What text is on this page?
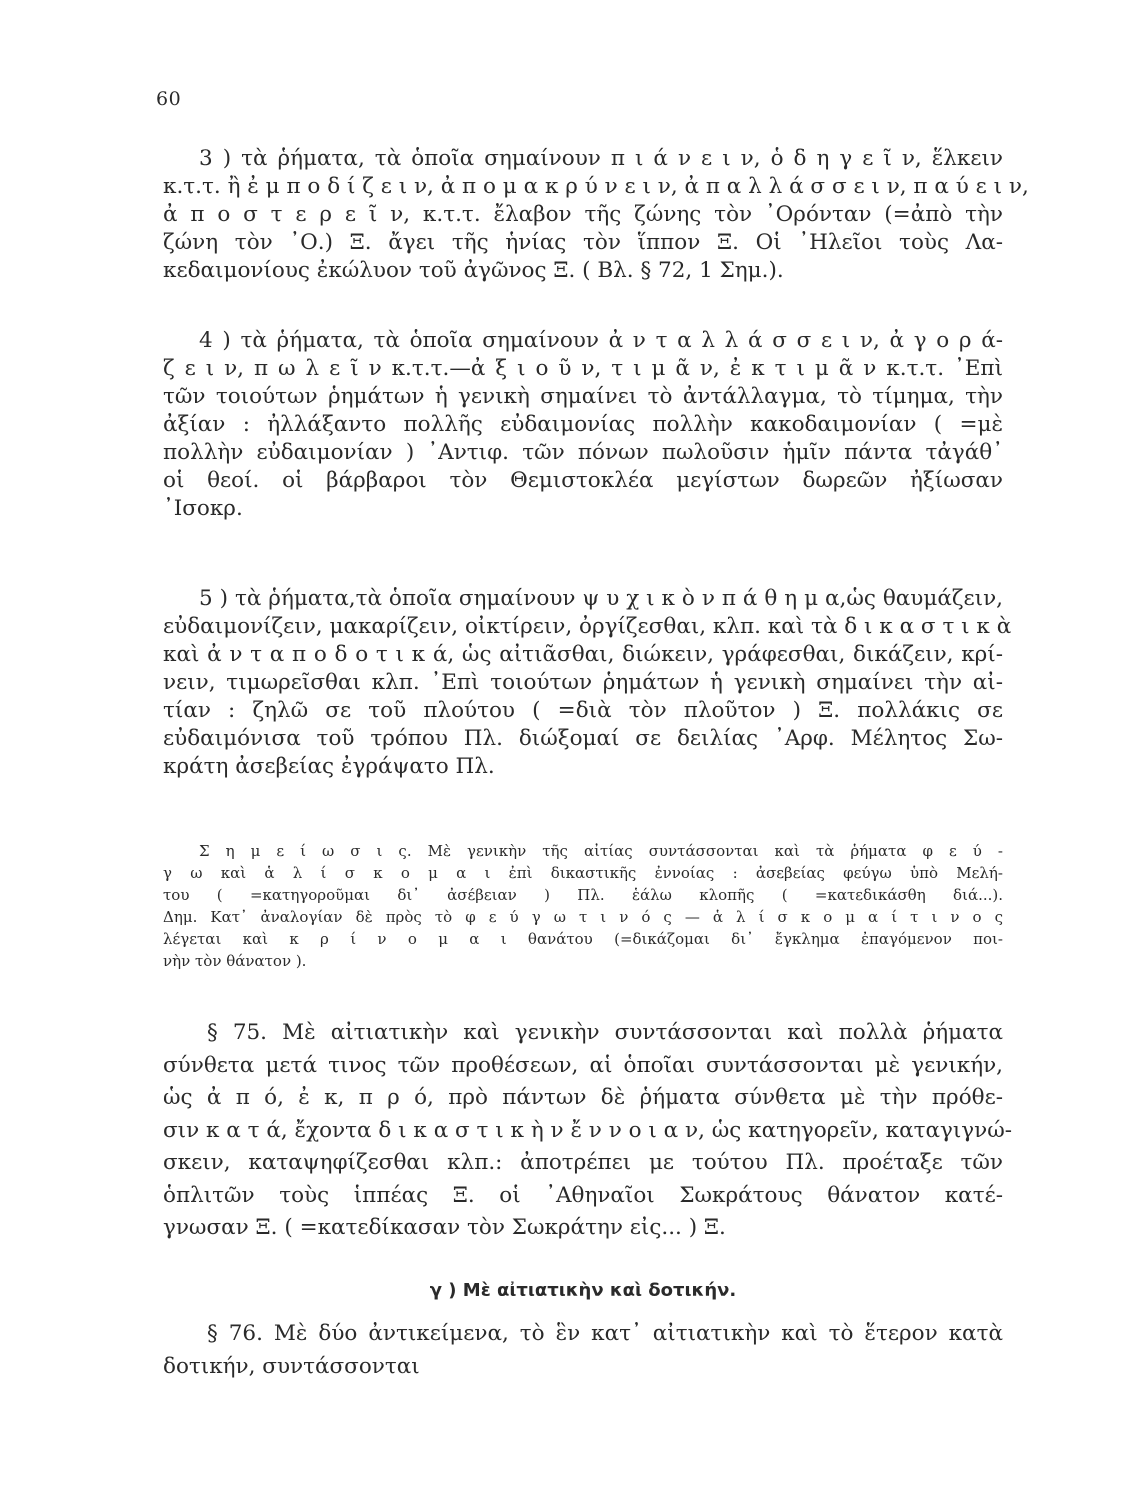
60
3 ) τὰ ῥήματα, τὰ ὁποῖα σημαίνουν π ι ά ν ε ι ν, ὁ δ η γ ε ῖ ν, ἕλκειν
κ.τ.τ. ἢ ἐ μ π ο δ ί ζ ε ι ν, ἀ π ο μ α κ ρ ύ ν ε ι ν, ἀ π α λ λ ά σ σ ε ι ν, π α ύ ε ι ν,
ἀ π ο σ τ ε ρ ε ῖ ν, κ.τ.τ. ἔλαβον τῆς ζώνης τὸν ᾿Ορόνταν (=ἀπὸ τὴν
ζώνη τὸν ᾿Ο.) Ξ. ἄγει τῆς ἡνίας τὸν ἵππον Ξ. Οἱ ᾿Ηλεῖοι τοὺς Λα-
κεδαιμονίους ἐκώλυον τοῦ ἀγῶνος Ξ. ( Βλ. § 72, 1 Σημ.).
4 ) τὰ ῥήματα, τὰ ὁποῖα σημαίνουν ἀ ν τ α λ λ ά σ σ ε ι ν, ἀ γ ο ρ ά-
ζ ε ι ν, π ω λ ε ῖ ν κ.τ.τ.—ἀ ξ ι ο ῦ ν, τ ι μ ᾶ ν, ἐ κ τ ι μ ᾶ ν κ.τ.τ. ᾿Επὶ
τῶν τοιούτων ῥημάτων ἡ γενικὴ σημαίνει τὸ ἀντάλλαγμα, τὸ τίμημα, τὴν
ἀξίαν : ἠλλάξαντο πολλῆς εὐδαιμονίας πολλὴν κακοδαιμονίαν ( =μὲ
πολλὴν εὐδαιμονίαν ) ᾿Αντιφ. τῶν πόνων πωλοῦσιν ἡμῖν πάντα τἀγάθ᾿
οἱ θεοί. οἱ βάρβαροι τὸν Θεμιστοκλέα μεγίστων δωρεῶν ἠξίωσαν
᾿Ισοκρ.
5 ) τὰ ῥήματα,τὰ ὁποῖα σημαίνουν ψ υ χ ι κ ὸ ν π ά θ η μ α,ὡς θαυμάζειν,
εὐδαιμονίζειν, μακαρίζειν, οἰκτίρειν, ὀργίζεσθαι, κλπ. καὶ τὰ δ ι κ α σ τ ι κ ὰ
καὶ ἀ ν τ α π ο δ ο τ ι κ ά, ὡς αἰτιᾶσθαι, διώκειν, γράφεσθαι, δικάζειν, κρί-
νειν, τιμωρεῖσθαι κλπ. ᾿Επὶ τοιούτων ῥημάτων ἡ γενικὴ σημαίνει τὴν αἰ-
τίαν : ζηλῶ σε τοῦ πλούτου ( =διὰ τὸν πλοῦτον ) Ξ. πολλάκις σε
εὐδαιμόνισα τοῦ τρόπου Πλ. διώξομαί σε δειλίας ᾿Αρφ. Μέλητος Σω-
κράτη ἀσεβείας ἐγράψατο Πλ.
Σ η μ ε ί ω σ ι ς. Μὲ γενικὴν τῆς αἰτίας συντάσσονται καὶ τὰ ῥήματα φ ε ύ -
γ ω καὶ ἁ λ ί σ κ ο μ α ι ἐπὶ δικαστικῆς ἐννοίας : ἀσεβείας φεύγω ὑπὸ Μελή-
του ( =κατηγοροῦμαι δι᾿ ἀσέβειαν ) Πλ. ἑάλω κλοπῆς ( =κατεδικάσθη διά...).
Δημ. Κατ᾿ ἀναλογίαν δὲ πρὸς τὸ φ ε ύ γ ω τ ι ν ό ς — ἁ λ ί σ κ ο μ α ί τ ι ν ο ς
λέγεται καὶ κ ρ ί ν ο μ α ι θανάτου (=δικάζομαι δι᾿ ἔγκλημα ἐπαγόμενον ποι-
νὴν τὸν θάνατον ).
§ 75. Μὲ αἰτιατικὴν καὶ γενικὴν συντάσσονται καὶ πολλὰ ῥήματα
σύνθετα μετά τινος τῶν προθέσεων, αἱ ὁποῖαι συντάσσονται μὲ γενικήν,
ὡς ἀ π ό, ἐ κ, π ρ ό, πρὸ πάντων δὲ ῥήματα σύνθετα μὲ τὴν πρόθε-
σιν κ α τ ά, ἔχοντα δ ι κ α σ τ ι κ ὴ ν ἔ ν ν ο ι α ν, ὡς κατηγορεῖν, καταγιγνώ-
σκειν, καταψηφίζεσθαι κλπ.: ἀποτρέπει με τούτου Πλ. προέταξε τῶν
ὁπλιτῶν τοὺς ἱππέας Ξ. οἱ ᾿Αθηναῖοι Σωκράτους θάνατον κατέ-
γνωσαν Ξ. ( =κατεδίκασαν τὸν Σωκράτην εἰς... ) Ξ.
γ ) Μὲ αἰτιατικὴν καὶ δοτικήν.
§ 76. Μὲ δύο ἀντικείμενα, τὸ ἓν κατ᾿ αἰτιατικὴν καὶ τὸ ἕτερον κατὰ
δοτικήν, συντάσσονται
